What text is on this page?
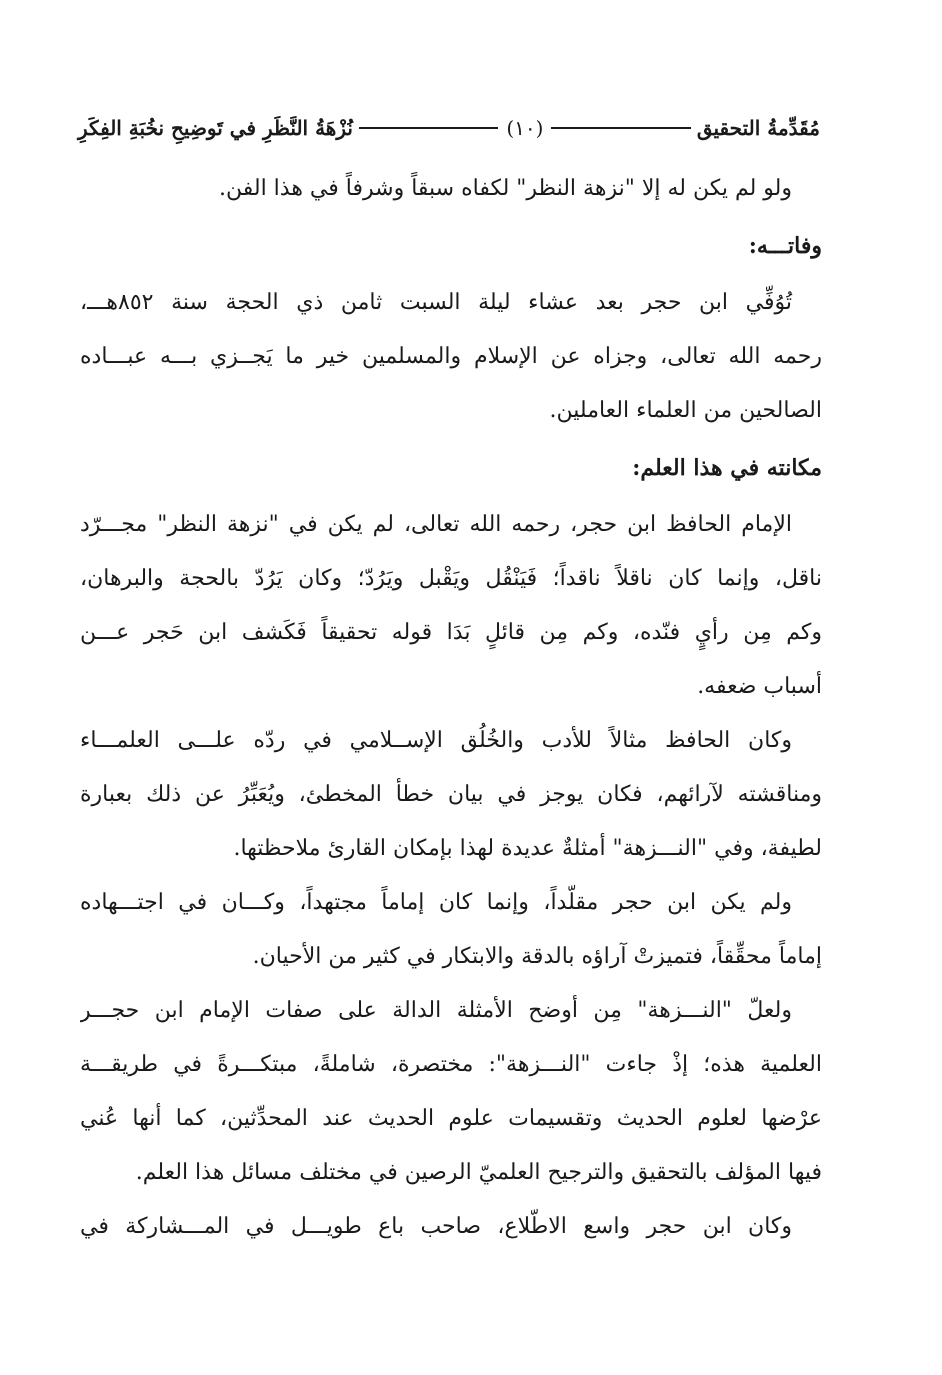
مُقَدِّمةُ التحقيق
(١٠)
نُزْهَةُ النَّظَرِ في تَوضِيحِ نخُبَةِ الفِكَرِ
ولو لم يكن له إلا "نزهة النظر" لكفاه سبقاً وشرفاً في هذا الفن.
وفاتـــه:
تُوُفِّي ابن حجر بعد عشاء ليلة السبت ثامن ذي الحجة سنة ٨٥٢هـــ،
رحمه الله تعالى، وجزاه عن الإسلام والمسلمين خير ما يَجــزي بـــه عبـــاده
الصالحين من العلماء العاملين.
مكانته في هذا العلم:
الإمام الحافظ ابن حجر، رحمه الله تعالى، لم يكن في "نزهة النظر" مجـــرّد
ناقل، وإنما كان ناقلاً ناقداً؛ فَيَنْقُل ويَقْبل ويَرُدّ؛ وكان يَرُدّ بالحجة والبرهان،
وكم مِن رأيٍ فنّده، وكم مِن قائلٍ بَدَا قوله تحقيقاً فَكَشف ابن حَجر عـــن
أسباب ضعفه.
وكان الحافظ مثالاً للأدب والخُلُق الإســلامي في ردّه علـــى العلمـــاء
ومناقشته لآرائهم، فكان يوجز في بيان خطأ المخطئ، ويُعَبِّرُ عن ذلك بعبارة
لطيفة، وفي "النـــزهة" أمثلةٌ عديدة لهذا بإمكان القارئ ملاحظتها.
ولم يكن ابن حجر مقلّداً، وإنما كان إماماً مجتهداً، وكـــان في اجتـــهاده
إماماً محقِّقاً، فتميزتْ آراؤه بالدقة والابتكار في كثير من الأحيان.
ولعلّ "النـــزهة" مِن أوضح الأمثلة الدالة على صفات الإمام ابن حجـــر
العلمية هذه؛ إذْ جاءت "النـــزهة": مختصرة، شاملةً، مبتكـــرةً في طريقـــة
عرْضها لعلوم الحديث وتقسيمات علوم الحديث عند المحدِّثين، كما أنها عُني
فيها المؤلف بالتحقيق والترجيح العلميّ الرصين في مختلف مسائل هذا العلم.
وكان ابن حجر واسع الاطّلاع، صاحب باع طويـــل في المـــشاركة في
